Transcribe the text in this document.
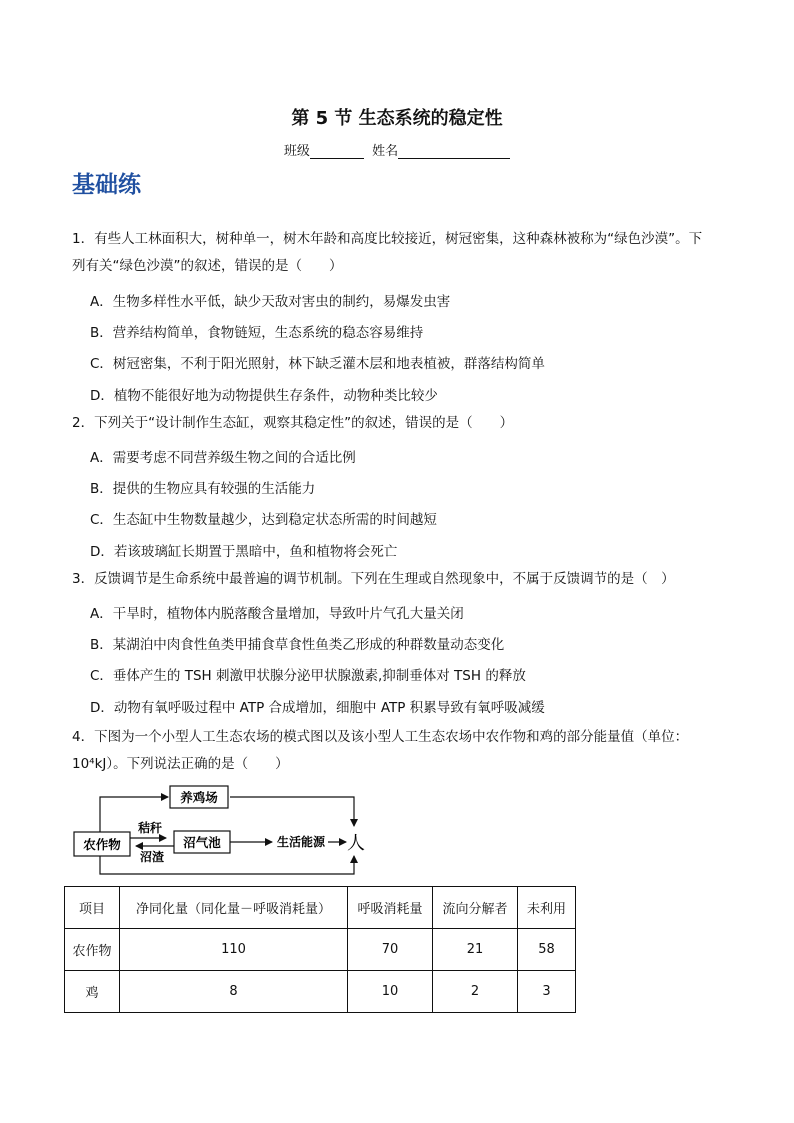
第 5 节 生态系统的稳定性
班级	姓名
基础练
1．有些人工林面积大，树种单一，树木年龄和高度比较接近，树冠密集，这种森林被称为“绿色沙漠”。下
列有关“绿色沙漠”的叙述，错误的是（　　）
A．生物多样性水平低，缺少天敌对害虫的制约，易爆发虫害
B．营养结构简单，食物链短，生态系统的稳态容易维持
C．树冠密集，不利于阳光照射，林下缺乏灌木层和地表植被，群落结构简单
D．植物不能很好地为动物提供生存条件，动物种类比较少
2．下列关于“设计制作生态缸，观察其稳定性”的叙述，错误的是（　　）
A．需要考虑不同营养级生物之间的合适比例
B．提供的生物应具有较强的生活能力
C．生态缸中生物数量越少，达到稳定状态所需的时间越短
D．若该玻璃缸长期置于黑暗中，鱼和植物将会死亡
3．反馈调节是生命系统中最普遍的调节机制。下列在生理或自然现象中，不属于反馈调节的是（　）
A．干旱时，植物体内脱落酸含量增加，导致叶片气孔大量关闭
B．某湖泊中肉食性鱼类甲捕食草食性鱼类乙形成的种群数量动态变化
C．垂体产生的 TSH 刺激甲状腺分泌甲状腺激素,抑制垂体对 TSH 的释放
D．动物有氧呼吸过程中 ATP 合成增加，细胞中 ATP 积累导致有氧呼吸减缓
4．下图为一个小型人工生态农场的模式图以及该小型人工生态农场中农作物和鸡的部分能量值（单位：
10⁴kJ）。下列说法正确的是（　　）
养鸡场
农作物	沼气池
秸秆
沼渣
生活能源 人
项目	净同化量（同化量－呼吸消耗量）	呼吸消耗量	流向分解者	未利用
农作物	110	70	21	58
鸡	8	10	2	3
